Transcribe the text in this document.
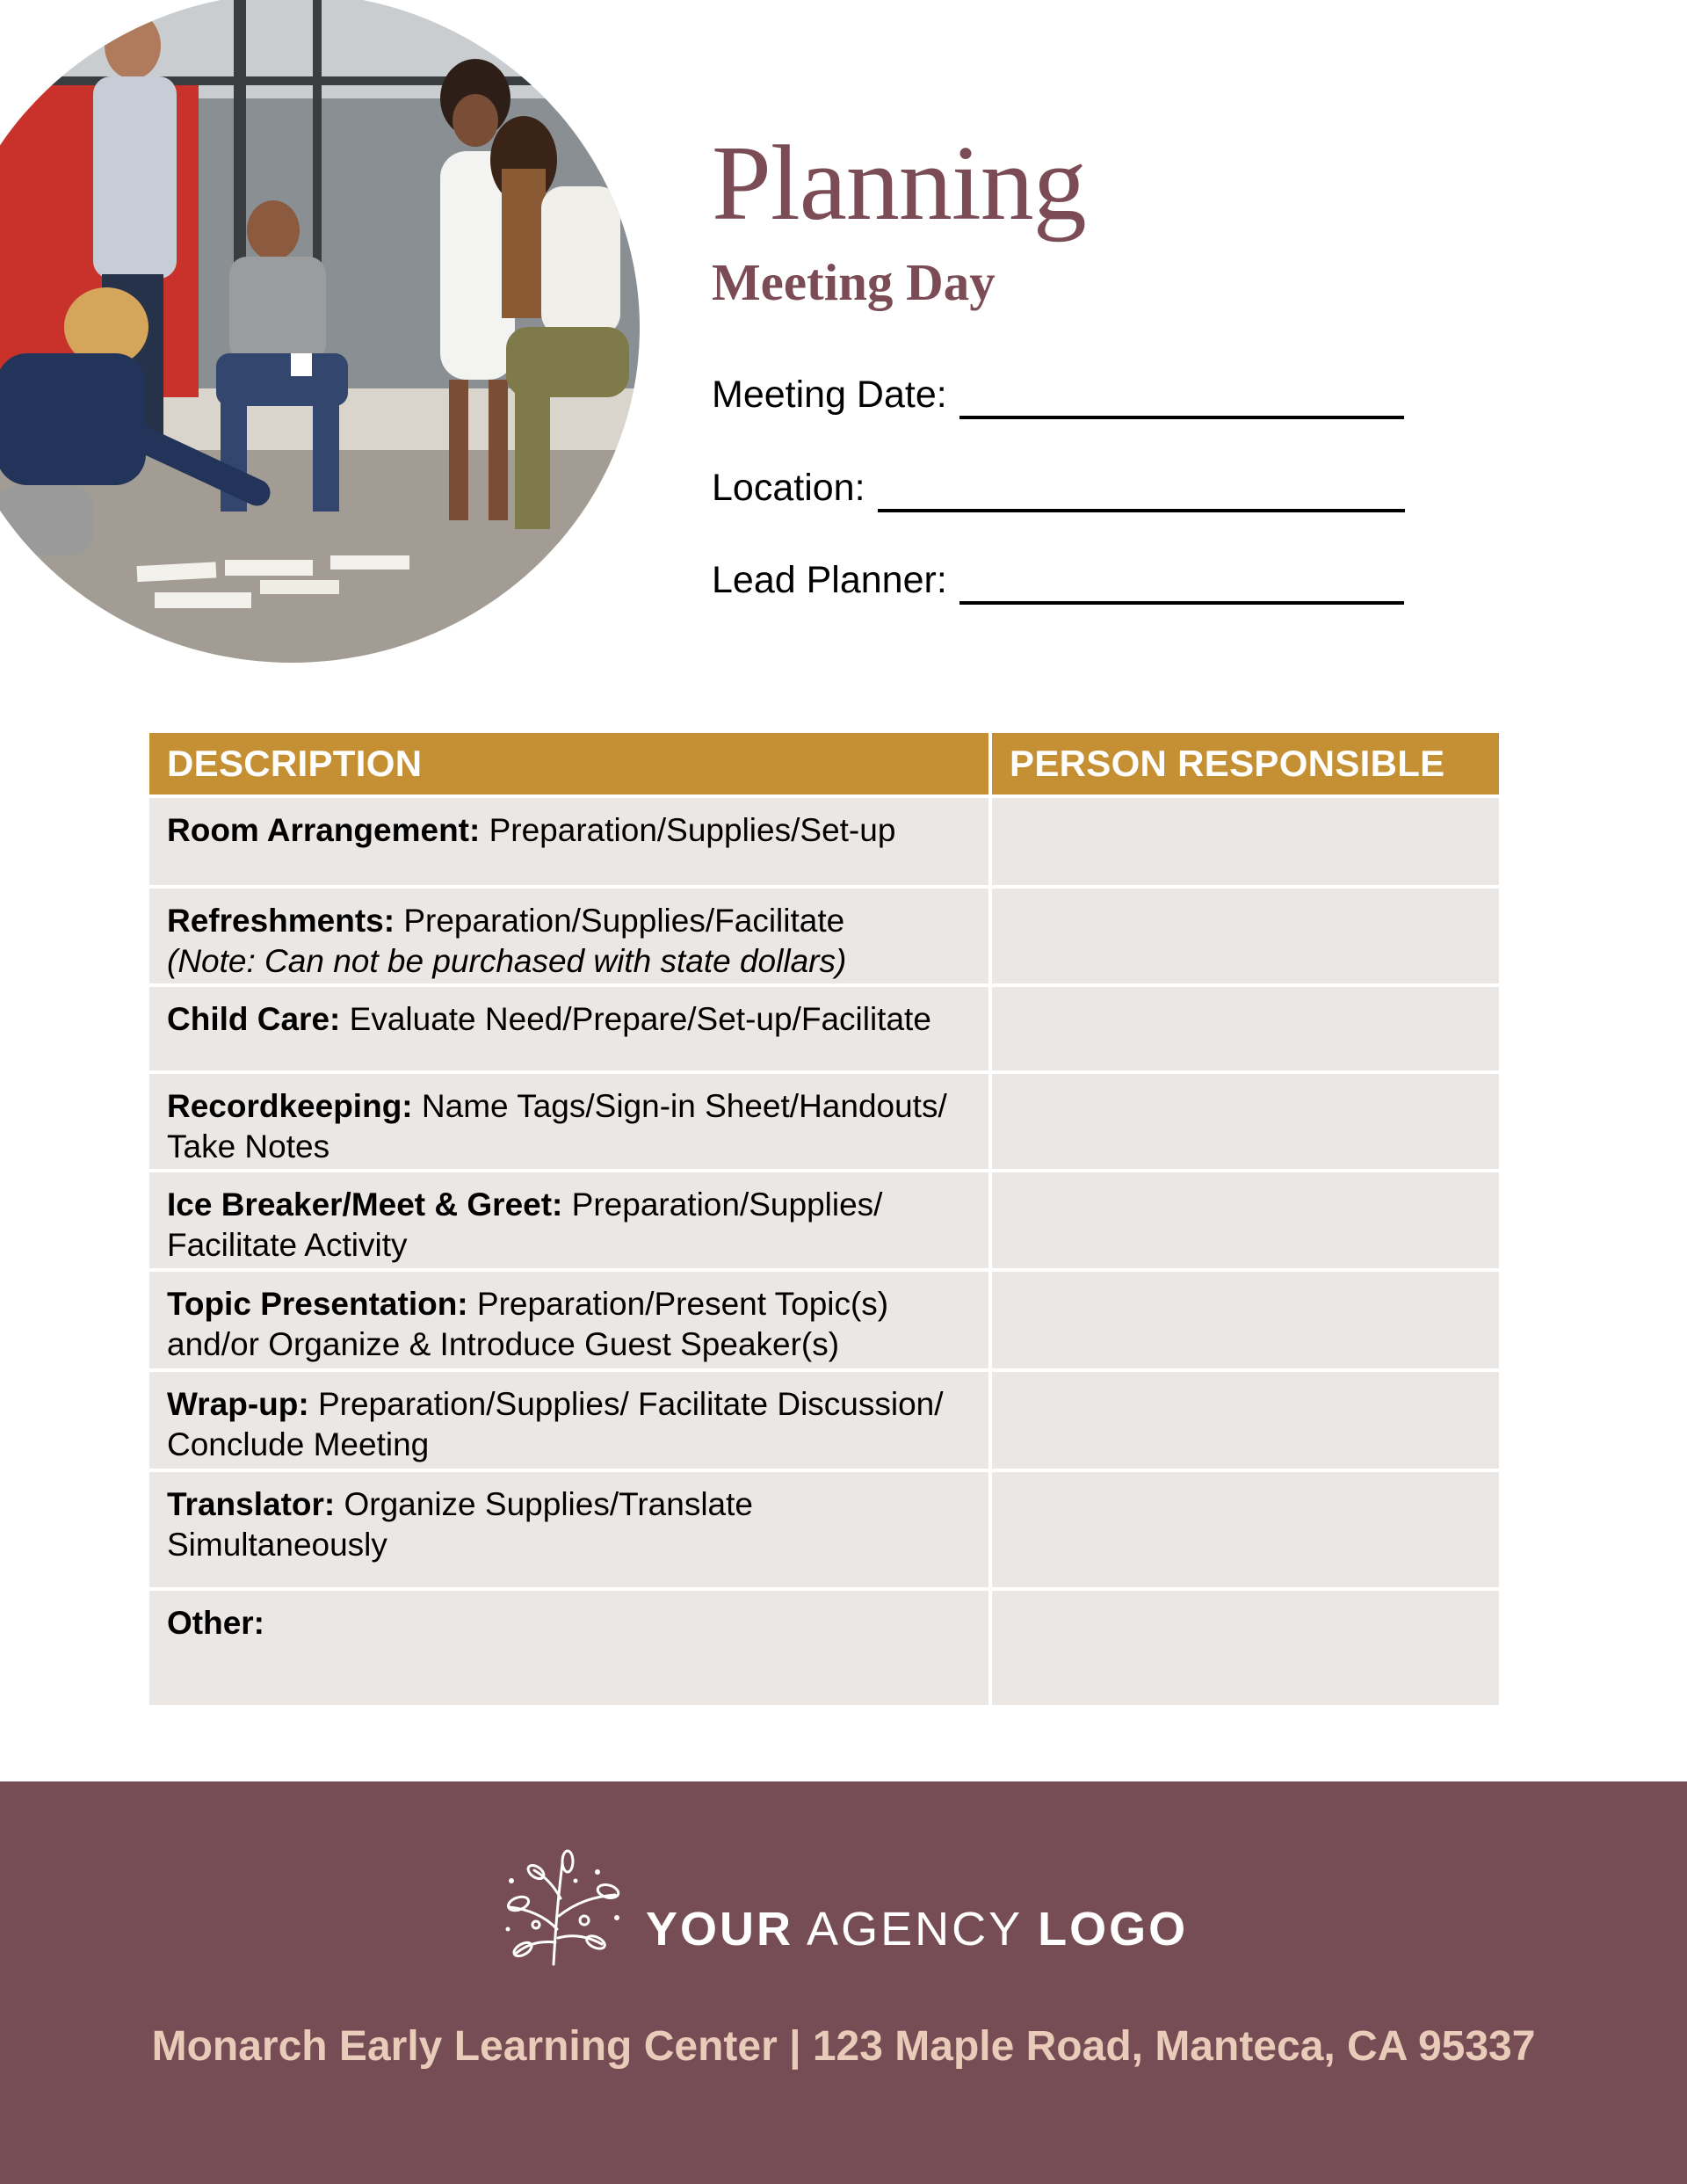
Planning
Meeting Day
Meeting Date:
Location:
Lead Planner:
DESCRIPTION	PERSON RESPONSIBLE
Room Arrangement: Preparation/Supplies/Set-up	
Refreshments: Preparation/Supplies/Facilitate
(Note: Can not be purchased with state dollars)	

Child Care: Evaluate Need/Prepare/Set-up/Facilitate	
Recordkeeping: Name Tags/Sign-in Sheet/Handouts/ Take Notes	
Ice Breaker/Meet & Greet: Preparation/Supplies/ Facilitate Activity	
Topic Presentation: Preparation/Present Topic(s) and/or Organize & Introduce Guest Speaker(s)	
Wrap-up: Preparation/Supplies/ Facilitate Discussion/ Conclude Meeting	
Translator: Organize Supplies/Translate Simultaneously	
Other:	
YOUR AGENCY LOGO
Monarch Early Learning Center | 123 Maple Road, Manteca, CA 95337
